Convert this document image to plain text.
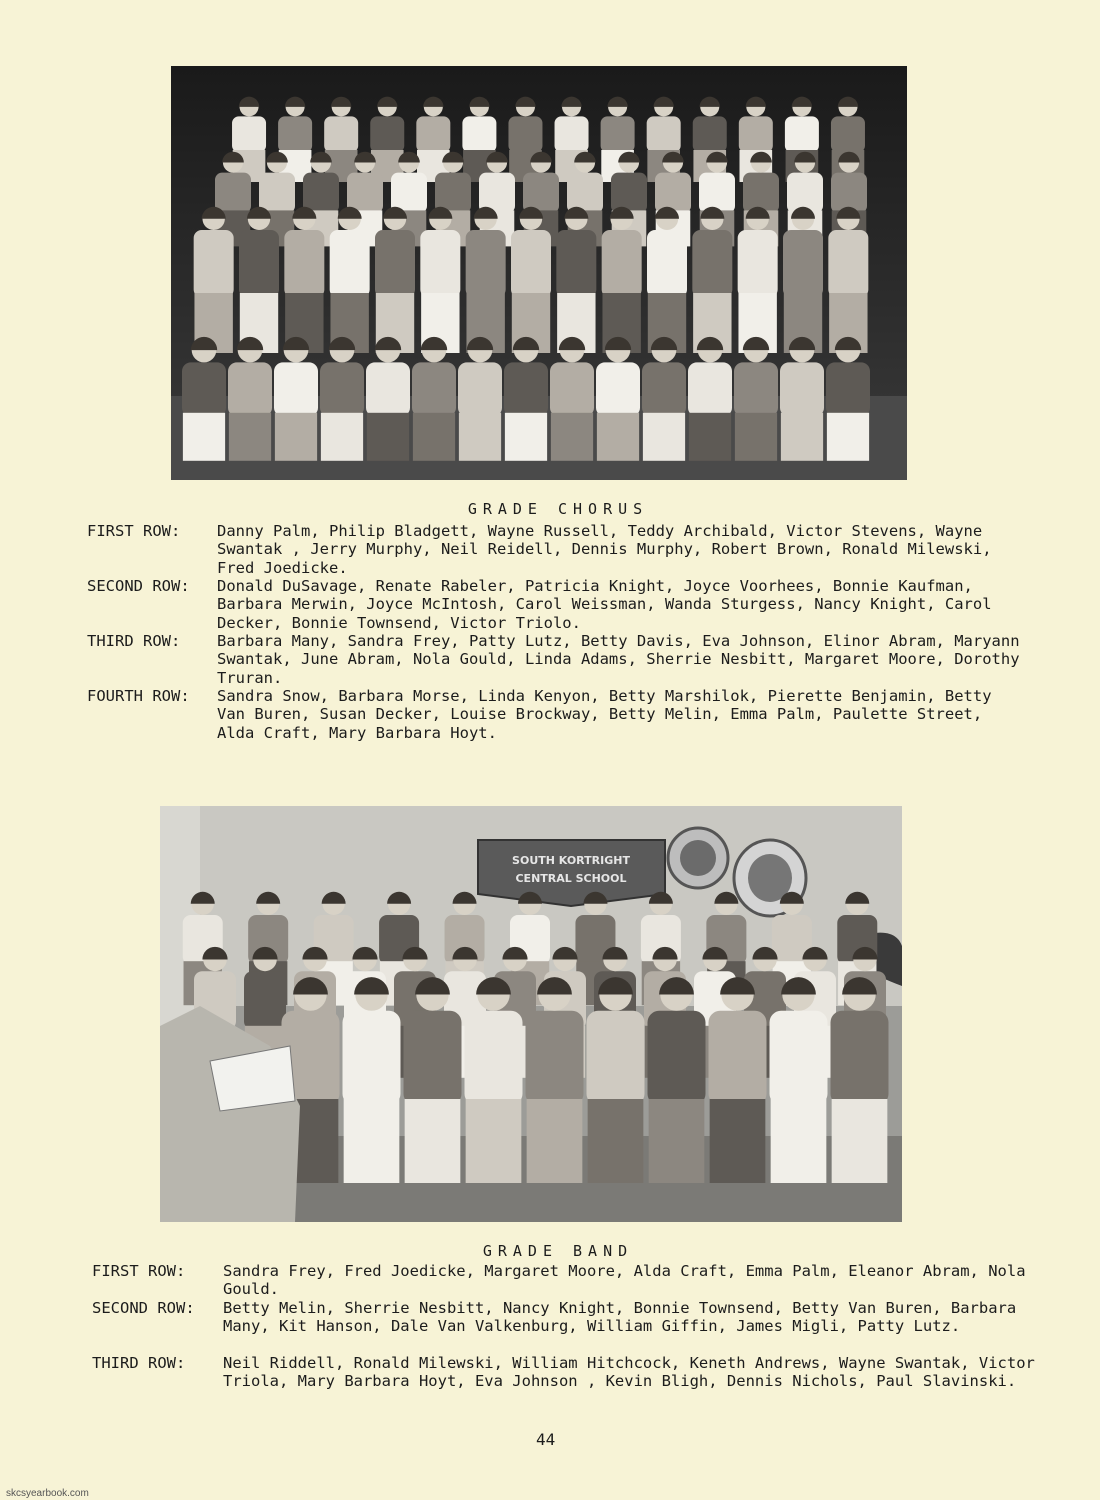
GRADE CHORUS
FIRST ROW: Danny Palm, Philip Bladgett, Wayne Russell, Teddy Archibald, Victor Stevens, Wayne Swantak , Jerry Murphy, Neil Reidell, Dennis Murphy, Robert Brown, Ronald Milewski, Fred Joedicke.
SECOND ROW: Donald DuSavage, Renate Rabeler, Patricia Knight, Joyce Voorhees, Bonnie Kaufman, Barbara Merwin, Joyce McIntosh, Carol Weissman, Wanda Sturgess, Nancy Knight, Carol Decker, Bonnie Townsend, Victor Triolo.
THIRD ROW: Barbara Many, Sandra Frey, Patty Lutz, Betty Davis, Eva Johnson, Elinor Abram, Maryann Swantak, June Abram, Nola Gould, Linda Adams, Sherrie Nesbitt, Margaret Moore, Dorothy Truran.
FOURTH ROW: Sandra Snow, Barbara Morse, Linda Kenyon, Betty Marshilok, Pierette Benjamin, Betty Van Buren, Susan Decker, Louise Brockway, Betty Melin, Emma Palm, Paulette Street, Alda Craft, Mary Barbara Hoyt.
SOUTH KORTRIGHT
CENTRAL SCHOOL
GRADE BAND
FIRST ROW: Sandra Frey, Fred Joedicke, Margaret Moore, Alda Craft, Emma Palm, Eleanor Abram, Nola Gould.
SECOND ROW: Betty Melin, Sherrie Nesbitt, Nancy Knight, Bonnie Townsend, Betty Van Buren, Barbara Many, Kit Hanson, Dale Van Valkenburg, William Giffin, James Migli, Patty Lutz.
THIRD ROW: Neil Riddell, Ronald Milewski, William Hitchcock, Keneth Andrews, Wayne Swantak, Victor Triola, Mary Barbara Hoyt, Eva Johnson , Kevin Bligh, Dennis Nichols, Paul Slavinski.
44
skcsyearbook.com
